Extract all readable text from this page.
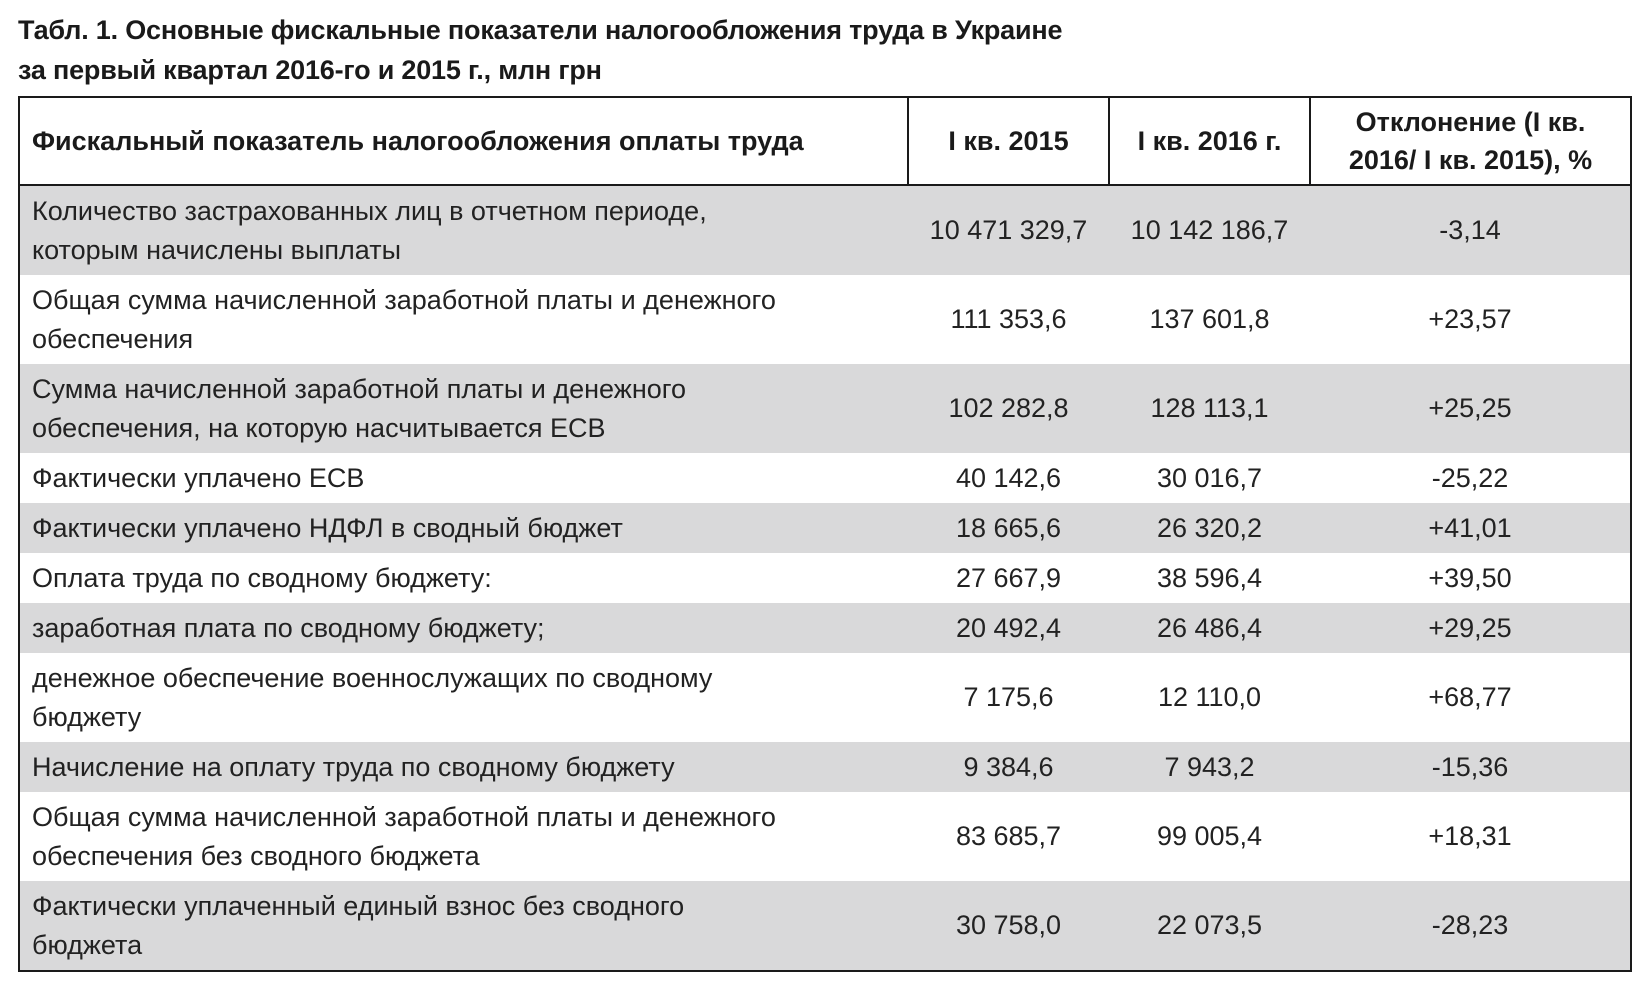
Табл. 1. Основные фискальные показатели налогообложения труда в Украине
за первый квартал 2016-го и 2015 г., млн грн
Фискальный показатель налогообложения оплаты труда	I кв. 2015	I кв. 2016 г.	Отклонение (I кв.
2016/ I кв. 2015), %

Количество застрахованных лиц в отчетном периоде,
которым начислены выплаты	10 471 329,7	10 142 186,7	-3,14

Общая сумма начисленной заработной платы и денежного
обеспечения	111 353,6	137 601,8	+23,57

Сумма начисленной заработной платы и денежного
обеспечения, на которую насчитывается ЕСВ	102 282,8	128 113,1	+25,25
Фактически уплачено ЕСВ	40 142,6	30 016,7	-25,22
Фактически уплачено НДФЛ в сводный бюджет	18 665,6	26 320,2	+41,01
Оплата труда по сводному бюджету:	27 667,9	38 596,4	+39,50
заработная плата по сводному бюджету;	20 492,4	26 486,4	+29,25

денежное обеспечение военнослужащих по сводному
бюджету	7 175,6	12 110,0	+68,77
Начисление на оплату труда по сводному бюджету	9 384,6	7 943,2	-15,36

Общая сумма начисленной заработной платы и денежного
обеспечения без сводного бюджета	83 685,7	99 005,4	+18,31

Фактически уплаченный единый взнос без сводного
бюджета	30 758,0	22 073,5	-28,23
